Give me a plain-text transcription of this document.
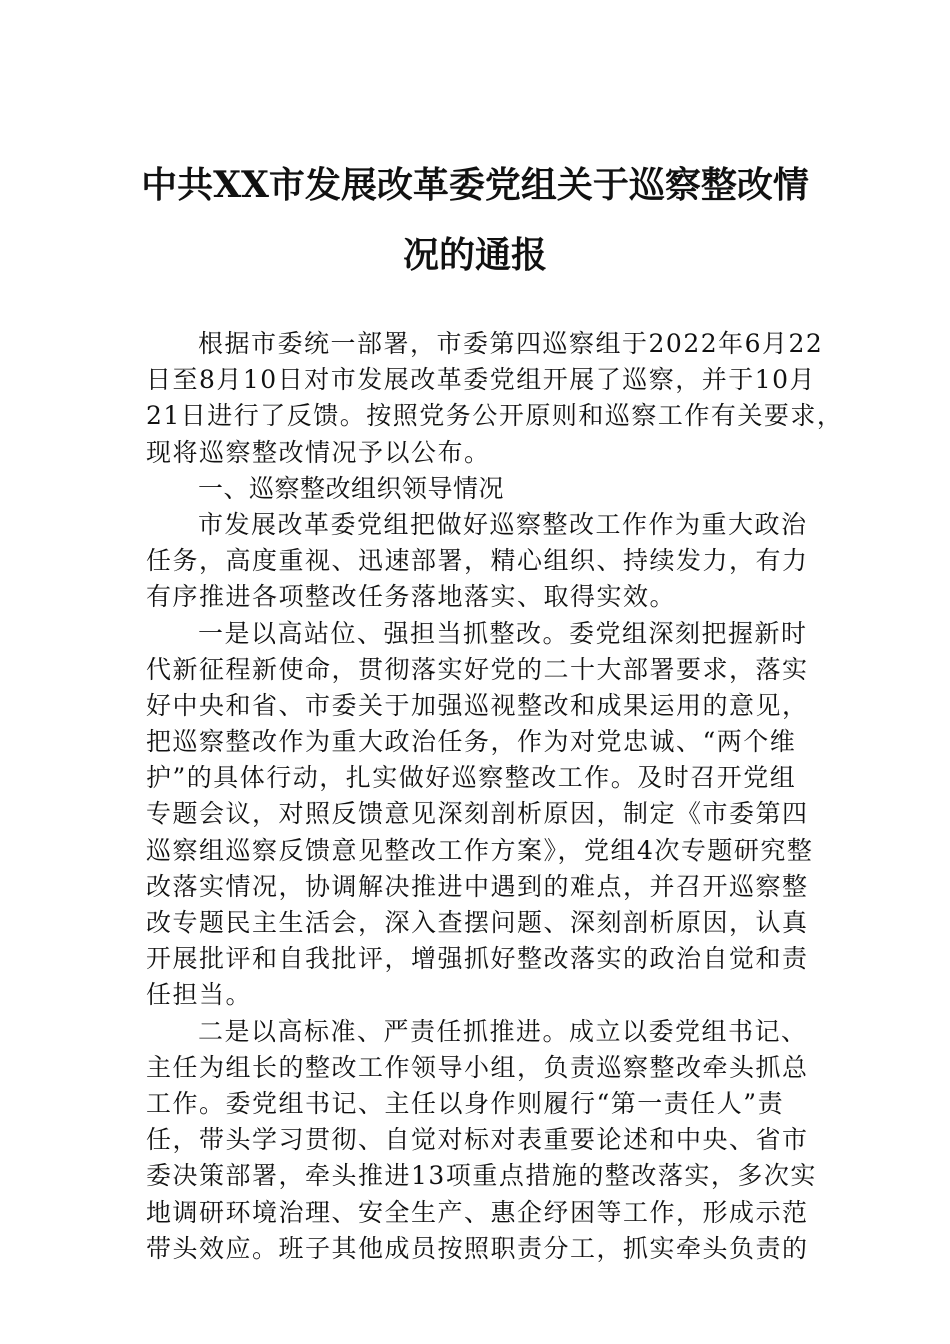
中共XX市发展改革委党组关于巡察整改情
况的通报
根据市委统一部署，市委第四巡察组于2022年6月22
日至8月10日对市发展改革委党组开展了巡察，并于10月
21日进行了反馈。按照党务公开原则和巡察工作有关要求，
现将巡察整改情况予以公布。
一、巡察整改组织领导情况
市发展改革委党组把做好巡察整改工作作为重大政治
任务，高度重视、迅速部署，精心组织、持续发力，有力
有序推进各项整改任务落地落实、取得实效。
一是以高站位、强担当抓整改。委党组深刻把握新时
代新征程新使命，贯彻落实好党的二十大部署要求，落实
好中央和省、市委关于加强巡视整改和成果运用的意见，
把巡察整改作为重大政治任务，作为对党忠诚、“两个维
护”的具体行动，扎实做好巡察整改工作。及时召开党组
专题会议，对照反馈意见深刻剖析原因，制定《市委第四
巡察组巡察反馈意见整改工作方案》，党组4次专题研究整
改落实情况，协调解决推进中遇到的难点，并召开巡察整
改专题民主生活会，深入查摆问题、深刻剖析原因，认真
开展批评和自我批评，增强抓好整改落实的政治自觉和责
任担当。
二是以高标准、严责任抓推进。成立以委党组书记、
主任为组长的整改工作领导小组，负责巡察整改牵头抓总
工作。委党组书记、主任以身作则履行“第一责任人”责
任，带头学习贯彻、自觉对标对表重要论述和中央、省市
委决策部署，牵头推进13项重点措施的整改落实，多次实
地调研环境治理、安全生产、惠企纾困等工作，形成示范
带头效应。班子其他成员按照职责分工，抓实牵头负责的
